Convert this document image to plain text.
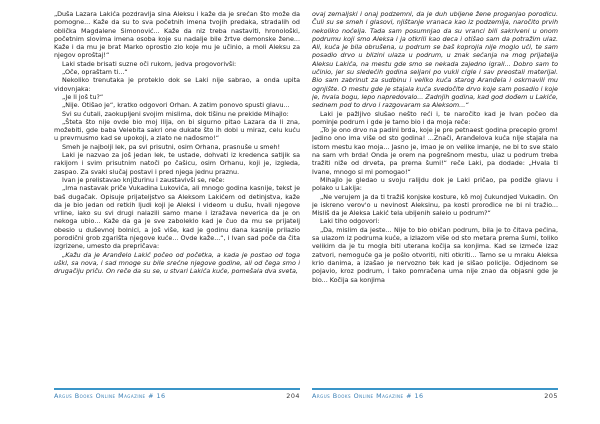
„Duša Lazara Lakića pozdravlja sina Aleksu i kaže da je srećan što može da pomogne... Kaže da su to sva početnih imena tvojih predaka, stradalih od oblička Magdalene Simonović... Kaže da niz treba nastaviti, hronološki, početnim slovima imena osoba koje su nadalje bile žrtve demonske žene... Kaže i da mu je brat Marko oprostio zlo koje mu je učinio, a moli Aleksu za njegov oproštaj!“

Laki stade brisati suzne oči rukom, jedva progovorivši:

„Oče, opraštam ti...“

Nekoliko trenutaka je proteklo dok se Laki nije sabrao, a onda upita vidovnjaka:

„Je li još tu?“

„Nije. Otišao je“, kratko odgovori Orhan. A zatim ponovo spusti glavu...

Svi su ćutali, zaokupljeni svojim mislima, dok tišinu ne prekide Mihajlo:

„Šteta što nije ovde bio moj Ilija, on bi sigurno pitao Lazara da li zna, možebiti, gde baba Velebita sakri one dukate što ih dobi u miraz, celu kuću u prevrnusmo kad se upokoji, a zlato ne nađosmo!“

Smeh je najbolji lek, pa svi prisutni, osim Orhana, prasnuše u smeh!

Laki je nazvao za još jedan lek, te ustade, dohvati iz kredenca satljik sa rakijom i svim prisutnim natoči po čašicu, osim Orhanu, koji je, izgleda, zaspao. Za svaki slučaj postavi i pred njega jednu praznu.

Ivan je prelistavao knjižurinu i zaustavivši se, reče:

„Ima nastavak priče Vukadina Lukovića, ali mnogo godina kasnije, tekst je baš dugačak. Opisuje prijateljstvo sa Aleksom Lakićem od detinjstva, kaže da je bio jedan od retkih ljudi koji je Aleksi i videom u dušu, hvali njegove vrline, iako su svi drugi nalazili samo mane i izražava neverica da je on nekoga ubio... Kaže da ga je sve zaboleklo kad je čuo da mu se prijatelj obesio u duševnoj bolnici, a još više, kad je godinu dana kasnije prilazio porodični grob zgarišta njegove kuće... Ovde kaže...“, i Ivan sad poče da čita izgrizene, umesto da prepričava:

„Kažu da je Aranđelo Lakić počeo od početka, a kada je postao od toga uškl, sa nova, i sad mnoge su bile srećne njegove godine, ali od čega smo i drugačiju priču. On reče da su se, u stvari Lakića kuće, pomešala dva sveta,

Argus Books Online Magazine # 16	204

ovaj zemaljski i onaj podzemni, da je duh ubijene žene proganjao porodicu. Čuli su se smeh i glasovi, njištanje vranaca kao iz podzemlja, naročito prvih nekoliko noćelja. Tada sam posumnjao da su vranci bili sakriveni u onom podrumu koji smo Aleksa i ja otkrili kao deca i otišao sam da potražim ulaz. Ali, kuća je bila obrušena, u podrum se baš koprojia nije moglo ući, te sam posadio drvo u blizini ulaza u podrum, u znak sećanja na mog prijatelja Aleksu Lakića, na mestu gde smo se nekada zajedno igrali... Dobro sam to učinio, jer su sledećih godina seljani po vukli cigle i sav preostali materijal. Bio sam zabrinut za sudbinu i veliko kuća starog Aranđela i oskrnavili mu ognjište. O mestu gde je stajala kuća svedočite drvo koje sam posadio i koje je, hvala bogu, lepo napredovalo... Zadnjih godina, kad god dođem u Lakiće, sednem pod to drvo i razgovaram sa Aleksom...“

Laki je pažljivo slušao nešto reći i, te naročito kad je Ivan počeo da pominje podrum i gde je tamo bio i da moja reče:

„To je ono drvo na padini brda, koje je pre petnaest godina precepio grom! Jedino ono ima više od sto godina! ...Znači, Aranđelova kuća nije stajala na istom mestu kao moja... Jasno je, imao je on velike imanje, ne bi to sve stalo na sam vrh brda! Onda je orem na pogrešnom mestu, ulaz u podrum treba tražiti niže od drveta, pa prema šumi!“ reče Laki, pa dodade: „Hvala ti Ivane, mnogo si mi pomogao!“

Mihajlo je gledao u svoju ralijdu dok je Laki pričao, pa podiže glavu i polako u Lakija:

„Ne verujem ja da ti tražiš konjske kosture, kô moj čukundjed Vukadin. On je iskreno verov'o u nevinost Aleksinu, pa kosti prorođice ne bi ni tražio... Misliš da je Aleksa Lakić tela ubijenih saleio u podrum?“

Laki tiho odgovori:

„Da, mislim da jeste... Nije to bio običan podrum, bila je to čitava pećina, sa ulazom iz podruma kuće, a izlazom više od sto metara prema šumi, toliko velikim da je tu mogla biti uterana kočija sa konjima. Kad se izmeće izaz zatvori, nemoguće ga je pošlo otvoriti, niti otkriti... Tamo se u mraku Aleksa krio danima, a izašao je nervozno tek kad je sišao policije. Odjednom se pojavio, kroz podrum, i tako pomračena uma nije znao da objasni gde je bio... Kočija sa konjima

Argus Books Online Magazine # 16	205
